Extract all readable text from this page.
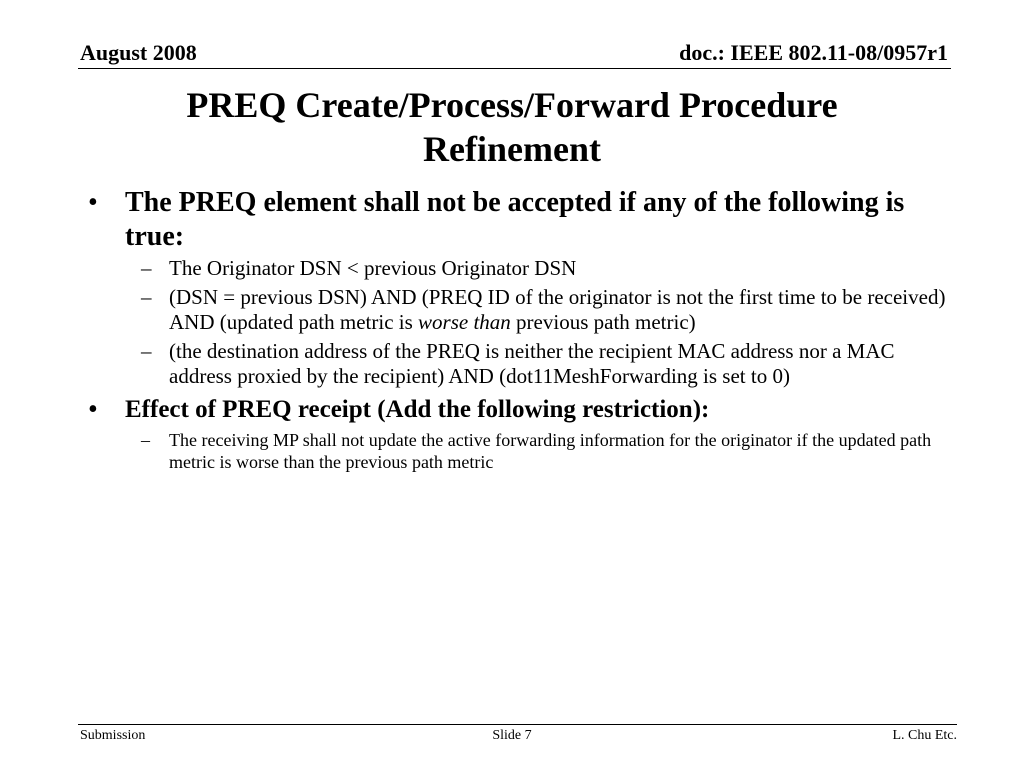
August 2008	doc.: IEEE 802.11-08/0957r1
PREQ Create/Process/Forward Procedure
Refinement
• The PREQ element shall not be accepted if any of the following is true:
– The Originator DSN < previous Originator DSN
– (DSN = previous DSN) AND (PREQ ID of the originator is not the first time to be received) AND (updated path metric is worse than previous path metric)
– (the destination address of the PREQ is neither the recipient MAC address nor a MAC address proxied by the recipient) AND (dot11MeshForwarding is set to 0)
• Effect of PREQ receipt (Add the following restriction):
– The receiving MP shall not update the active forwarding information for the originator if the updated path metric is worse than the previous path metric
Submission	Slide 7	L. Chu Etc.
